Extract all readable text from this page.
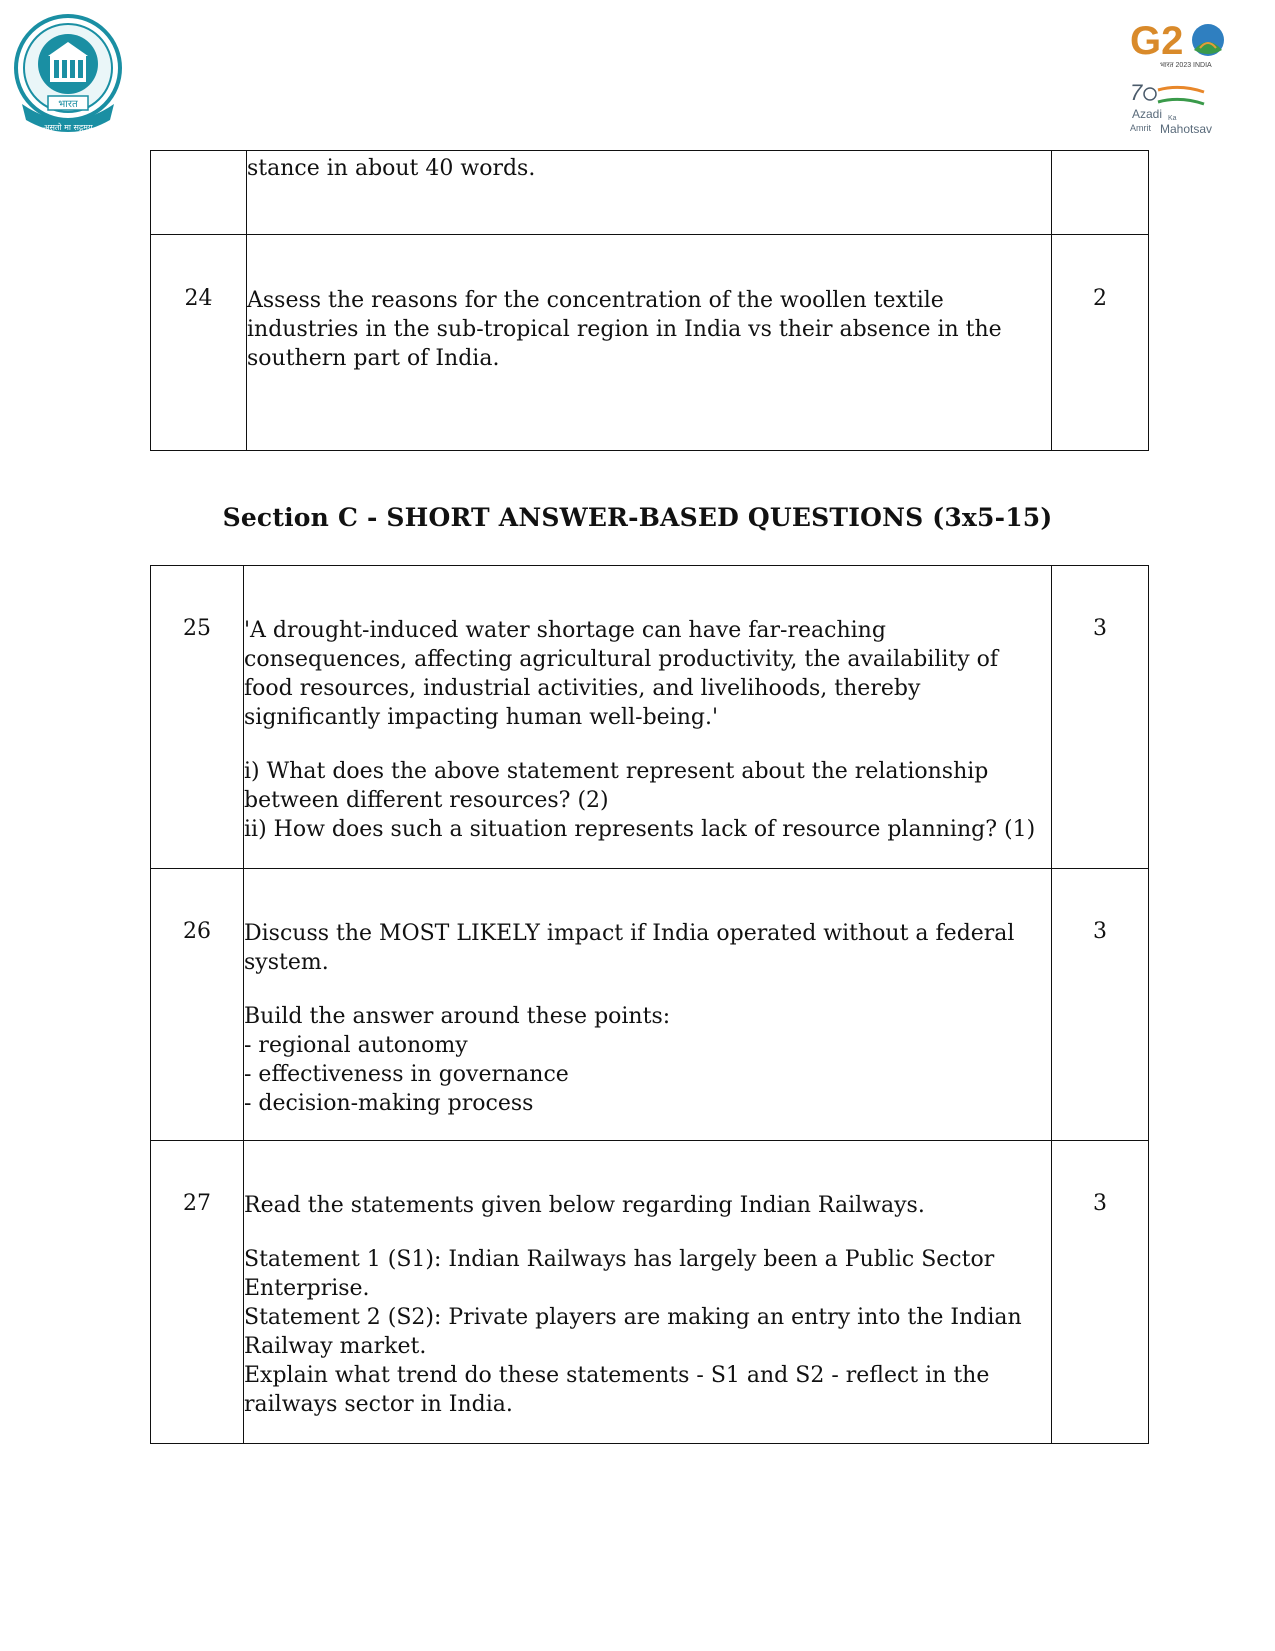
भारत
असतो मा सद्गमय
G2
भारत 2023 INDIA
7
Azadi Ka
Amrit Mahotsav

	stance in about 40 words.	

24	Assess the reasons for the concentration of the woollen textile industries in the sub-tropical region in India vs their absence in the southern part of India.	2
Section C - SHORT ANSWER-BASED QUESTIONS (3x5-15)
25	'A drought-induced water shortage can have far-reaching consequences, affecting agricultural productivity, the availability of food resources, industrial activities, and livelihoods, thereby significantly impacting human well-being.'

i) What does the above statement represent about the relationship between different resources? (2)

ii) How does such a situation represents lack of resource planning? (1)	3
26	Discuss the MOST LIKELY impact if India operated without a federal system.

Build the answer around these points:

- regional autonomy

- effectiveness in governance

- decision-making process	3
27	Read the statements given below regarding Indian Railways.

Statement 1 (S1): Indian Railways has largely been a Public Sector Enterprise.

Statement 2 (S2): Private players are making an entry into the Indian Railway market.

Explain what trend do these statements - S1 and S2 - reflect in the railways sector in India.	3
